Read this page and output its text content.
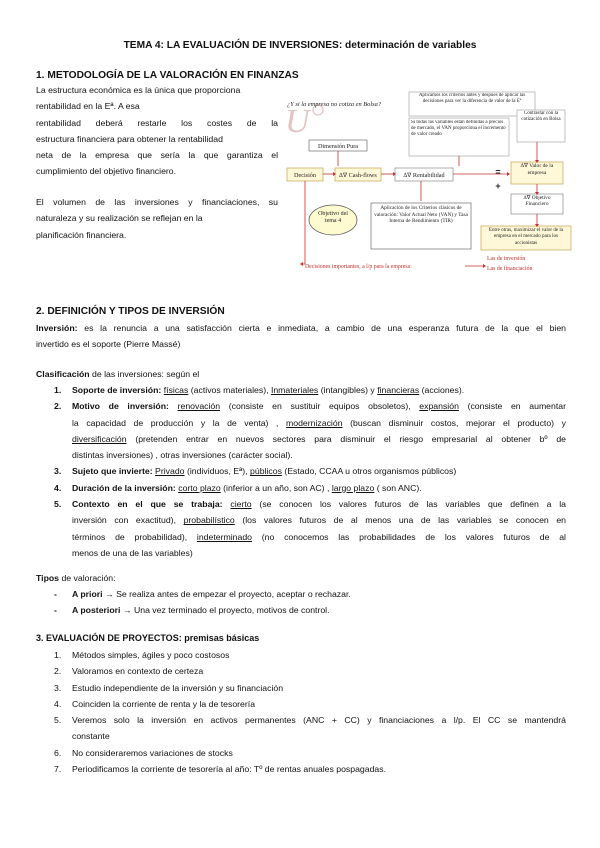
TEMA 4: LA EVALUACIÓN DE INVERSIONES: determinación de variables
1. METODOLOGÍA DE LA VALORACIÓN EN FINANZAS
La estructura económica es la única que proporciona
rentabilidad en la Eª. A esa
rentabilidad deberá restarle los costes de la
estructura financiera para obtener la rentabilidad
neta de la empresa que sería la que garantiza el
cumplimiento del objetivo financiero.
El volumen de las inversiones y financiaciones, su
naturaleza y su realización se reflejan en la
planificación financiera.
U
¿Y si la empresa no cotiza en Bolsa?
Aplicamos los criterios antes y después de aplicar las decisiones para ver la diferencia de valor de la Eª
Si todas las variables están definidas a precios de mercado, el VAN proporciona el incremento de valor creado
Contrastar con la cotización en Bolsa
Dimensión Pura
Decisión	∆∇ Cash-flows	∆∇ Rentabilidad
∆∇ Valor de la empresa
∆∇ Objetivo Financiero
+
=
Objetivo del tema 4
Aplicación de los Criterios clásicos de valoración: Valor Actual Neto (VAN) y Tasa Interna de Rendimiento (TIR)
Entre otras, maximizar el valor de la empresa en el mercado para los accionistas
Decisiones importantes, a l/p para la empresa:
Las de inversión
Las de financiación
2. DEFINICIÓN Y TIPOS DE INVERSIÓN
Inversión: es la renuncia a una satisfacción cierta e inmediata, a cambio de una esperanza futura de la que el bien
invertido es el soporte (Pierre Massé)
Clasificación de las inversiones: según el
1. Soporte de inversión: físicas (activos materiales), Inmateriales (intangibles) y financieras (acciones).
2. Motivo de inversión: renovación (consiste en sustituir equipos obsoletos), expansión (consiste en aumentar
la capacidad de producción y la de venta) , modernización (buscan disminuir costos, mejorar el producto) y
diversificación (pretenden entrar en nuevos sectores para disminuir el riesgo empresarial al obtener bº de
distintas inversiones) , otras inversiones (carácter social).
3. Sujeto que invierte: Privado (individuos, Eª), públicos (Estado, CCAA u otros organismos públicos)
4. Duración de la inversión: corto plazo (inferior a un año, son AC) , largo plazo ( son ANC).
5. Contexto en el que se trabaja: cierto (se conocen los valores futuros de las variables que definen a la
inversión con exactitud), probabilístico (los valores futuros de al menos una de las variables se conocen en
términos de probabilidad), indeterminado (no conocemos las probabilidades de los valores futuros de al
menos de una de las variables)
Tipos de valoración:
- A priori → Se realiza antes de empezar el proyecto, aceptar o rechazar.
- A posteriori → Una vez terminado el proyecto, motivos de control.
3. EVALUACIÓN DE PROYECTOS: premisas básicas
1. Métodos simples, ágiles y poco costosos
2. Valoramos en contexto de certeza
3. Estudio independiente de la inversión y su financiación
4. Coinciden la corriente de renta y la de tesorería
5. Veremos solo la inversión en activos permanentes (ANC + CC) y financiaciones a l/p. El CC se mantendrá
constante
6. No consideraremos variaciones de stocks
7. Periodificamos la corriente de tesorería al año: Tº de rentas anuales pospagadas.
